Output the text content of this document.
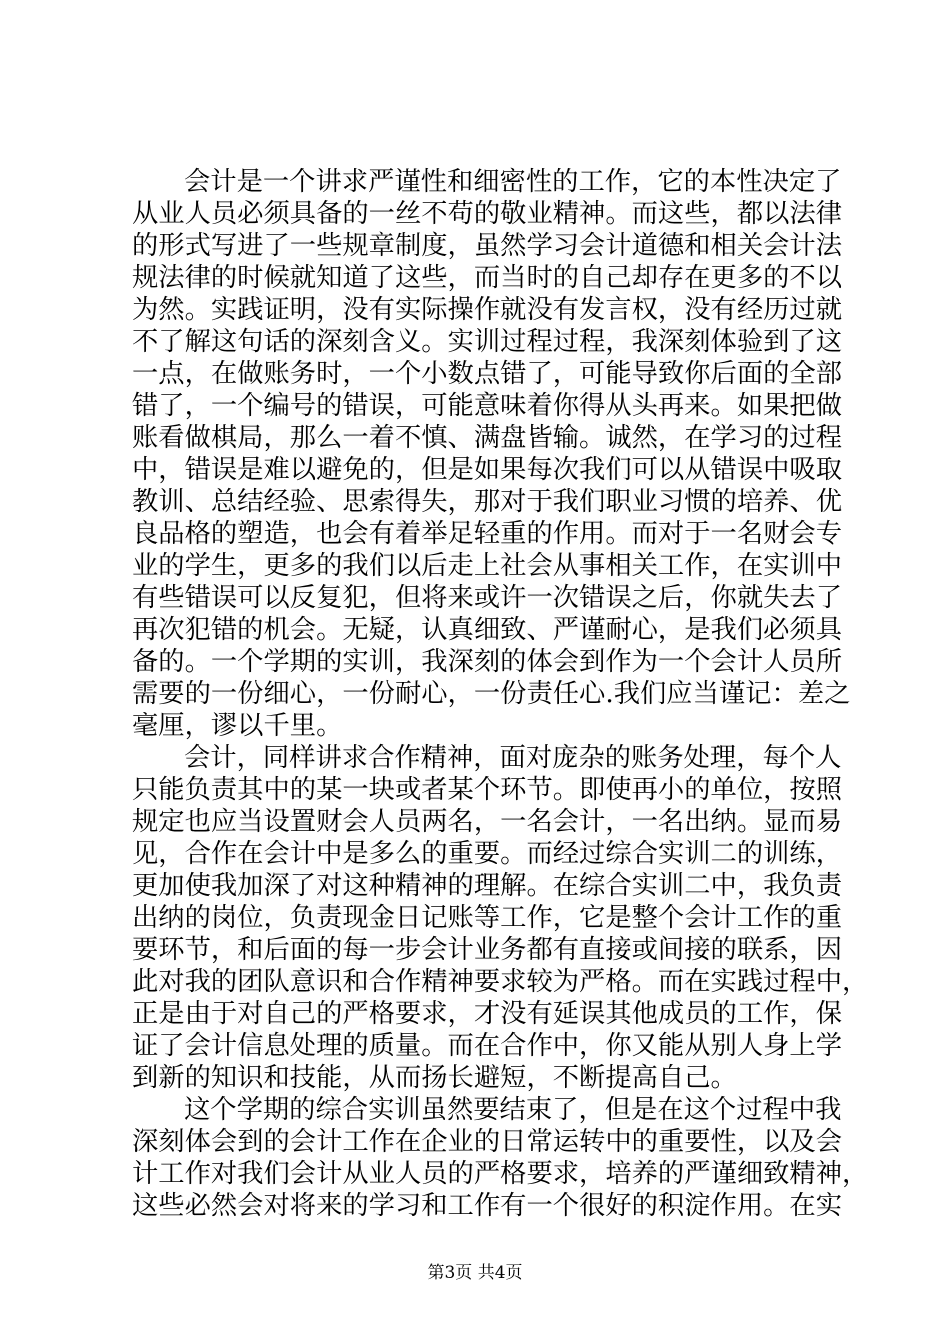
会计是一个讲求严谨性和细密性的工作，它的本性决定了
从业人员必须具备的一丝不苟的敬业精神。而这些，都以法律
的形式写进了一些规章制度，虽然学习会计道德和相关会计法
规法律的时候就知道了这些，而当时的自己却存在更多的不以
为然。实践证明，没有实际操作就没有发言权，没有经历过就
不了解这句话的深刻含义。实训过程过程，我深刻体验到了这
一点，在做账务时，一个小数点错了，可能导致你后面的全部
错了，一个编号的错误，可能意味着你得从头再来。如果把做
账看做棋局，那么一着不慎、满盘皆输。诚然，在学习的过程
中，错误是难以避免的，但是如果每次我们可以从错误中吸取
教训、总结经验、思索得失，那对于我们职业习惯的培养、优
良品格的塑造，也会有着举足轻重的作用。而对于一名财会专
业的学生，更多的我们以后走上社会从事相关工作，在实训中
有些错误可以反复犯，但将来或许一次错误之后，你就失去了
再次犯错的机会。无疑，认真细致、严谨耐心，是我们必须具
备的。一个学期的实训，我深刻的体会到作为一个会计人员所
需要的一份细心，一份耐心，一份责任心.我们应当谨记：差之
毫厘，谬以千里。
会计，同样讲求合作精神，面对庞杂的账务处理，每个人
只能负责其中的某一块或者某个环节。即使再小的单位，按照
规定也应当设置财会人员两名，一名会计，一名出纳。显而易
见，合作在会计中是多么的重要。而经过综合实训二的训练，
更加使我加深了对这种精神的理解。在综合实训二中，我负责
出纳的岗位，负责现金日记账等工作，它是整个会计工作的重
要环节，和后面的每一步会计业务都有直接或间接的联系，因
此对我的团队意识和合作精神要求较为严格。而在实践过程中，
正是由于对自己的严格要求，才没有延误其他成员的工作，保
证了会计信息处理的质量。而在合作中，你又能从别人身上学
到新的知识和技能，从而扬长避短，不断提高自己。
这个学期的综合实训虽然要结束了，但是在这个过程中我
深刻体会到的会计工作在企业的日常运转中的重要性，以及会
计工作对我们会计从业人员的严格要求，培养的严谨细致精神，
这些必然会对将来的学习和工作有一个很好的积淀作用。在实
第3页 共4页
